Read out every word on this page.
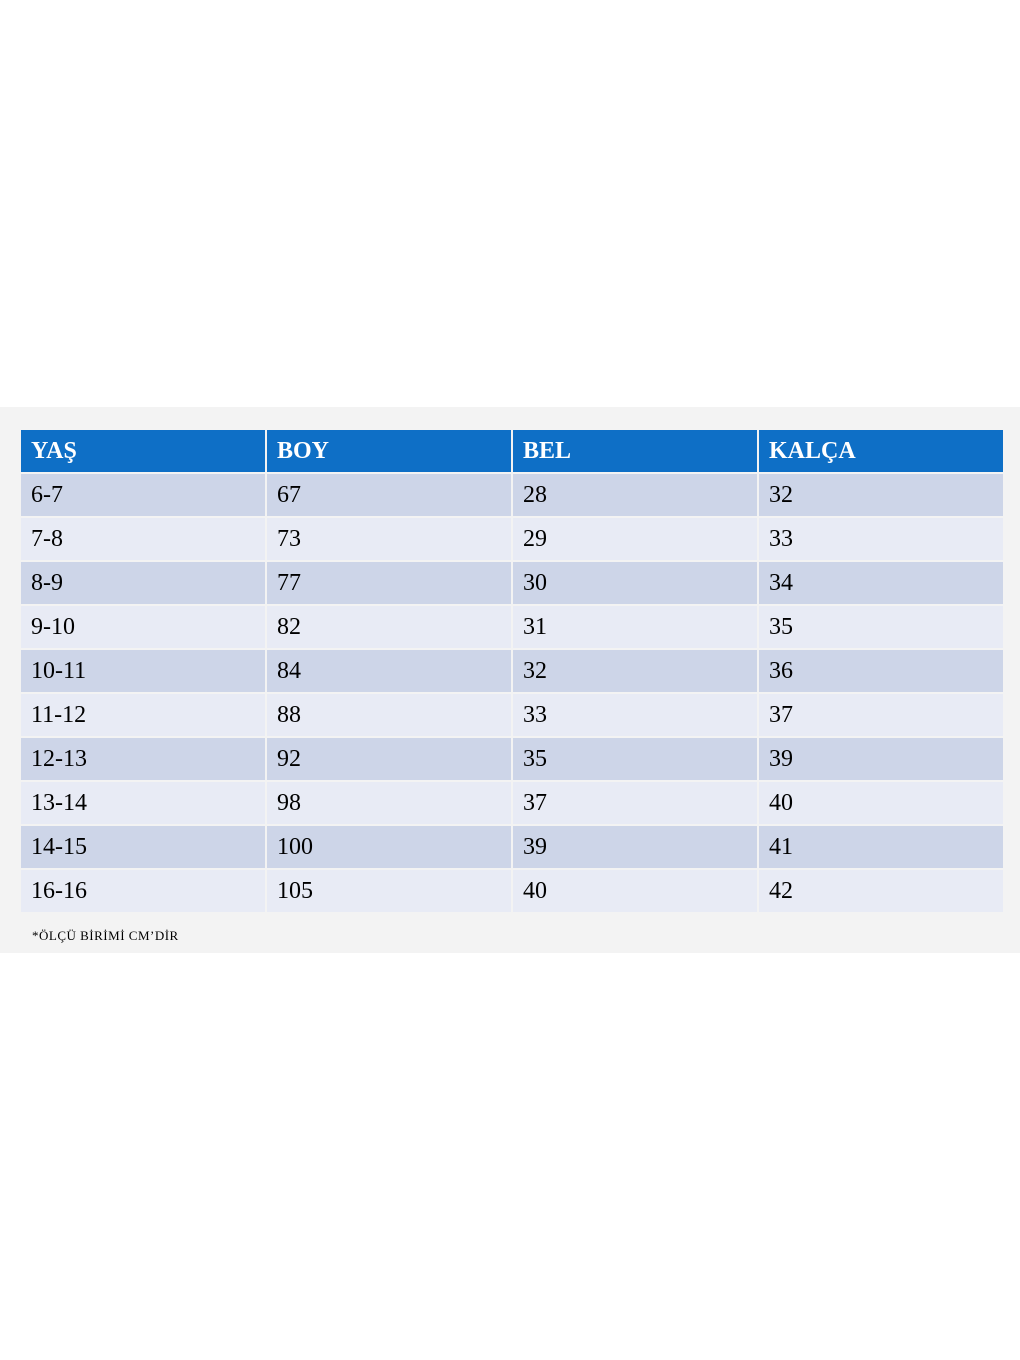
YAŞ	BOY	BEL	KALÇA
6-7	67	28	32
7-8	73	29	33
8-9	77	30	34
9-10	82	31	35
10-11	84	32	36
11-12	88	33	37
12-13	92	35	39
13-14	98	37	40
14-15	100	39	41
16-16	105	40	42
*ÖLÇÜ BİRİMİ CM’DİR
